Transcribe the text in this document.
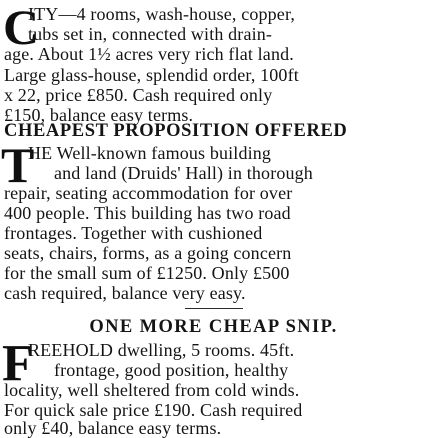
C
ITY—4 rooms, wash-house, copper,
tubs set in, connected with drain-
age. About 1½ acres very rich flat land.
Large glass-house, splendid order, 100ft
x 22, price £850. Cash required only
£150, balance easy terms.
CHEAPEST PROPOSITION OFFERED
T
HE Well-known famous building
and land (Druids' Hall) in thorough
repair, seating accommodation for over
400 people. This building has two road
frontages. Together with cushioned
seats, chairs, forms, as a going concern
for the small sum of £1250. Only £500
cash required, balance very easy.
ONE MORE CHEAP SNIP.
F
REEHOLD dwelling, 5 rooms. 45ft.
frontage, good position, healthy
locality, well sheltered from cold winds.
For quick sale price £190. Cash required
only £40, balance easy terms.
